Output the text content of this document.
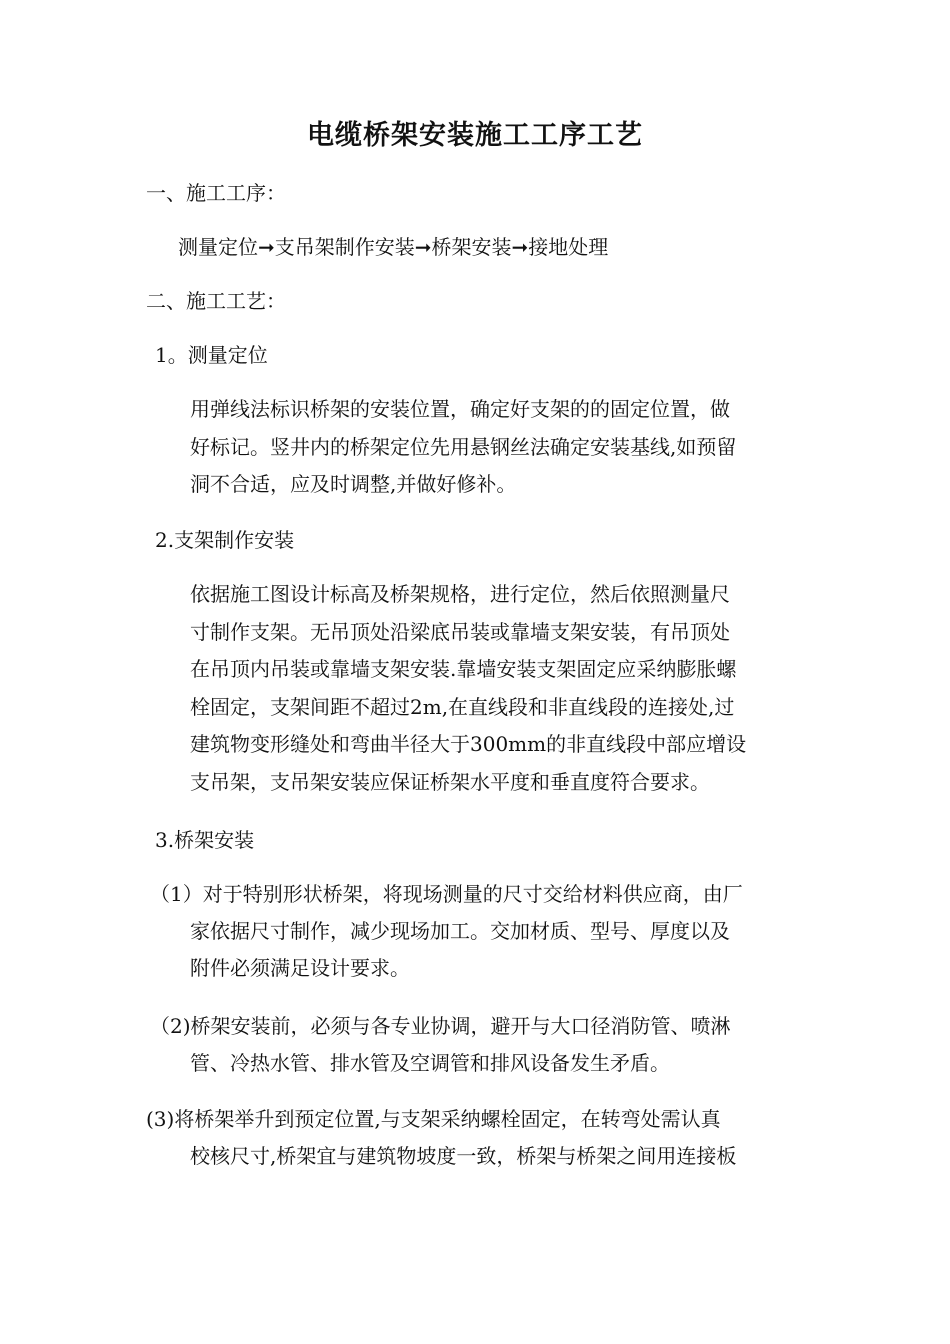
电缆桥架安装施工工序工艺
一、施工工序：
测量定位➞支吊架制作安装➞桥架安装➞接地处理
二、施工工艺：
1。测量定位
用弹线法标识桥架的安装位置，确定好支架的的固定位置，做
好标记。竖井内的桥架定位先用悬钢丝法确定安装基线,如预留
洞不合适，应及时调整,并做好修补。
2.支架制作安装
依据施工图设计标高及桥架规格，进行定位，然后依照测量尺
寸制作支架。无吊顶处沿梁底吊装或靠墙支架安装，有吊顶处
在吊顶内吊装或靠墙支架安装.靠墙安装支架固定应采纳膨胀螺
栓固定，支架间距不超过2m,在直线段和非直线段的连接处,过
建筑物变形缝处和弯曲半径大于300mm的非直线段中部应增设
支吊架，支吊架安装应保证桥架水平度和垂直度符合要求。
3.桥架安装
（1）对于特别形状桥架，将现场测量的尺寸交给材料供应商，由厂
家依据尺寸制作，减少现场加工。交加材质、型号、厚度以及
附件必须满足设计要求。
（2)桥架安装前，必须与各专业协调，避开与大口径消防管、喷淋
管、冷热水管、排水管及空调管和排风设备发生矛盾。
(3)将桥架举升到预定位置,与支架采纳螺栓固定，在转弯处需认真
校核尺寸,桥架宜与建筑物坡度一致，桥架与桥架之间用连接板
